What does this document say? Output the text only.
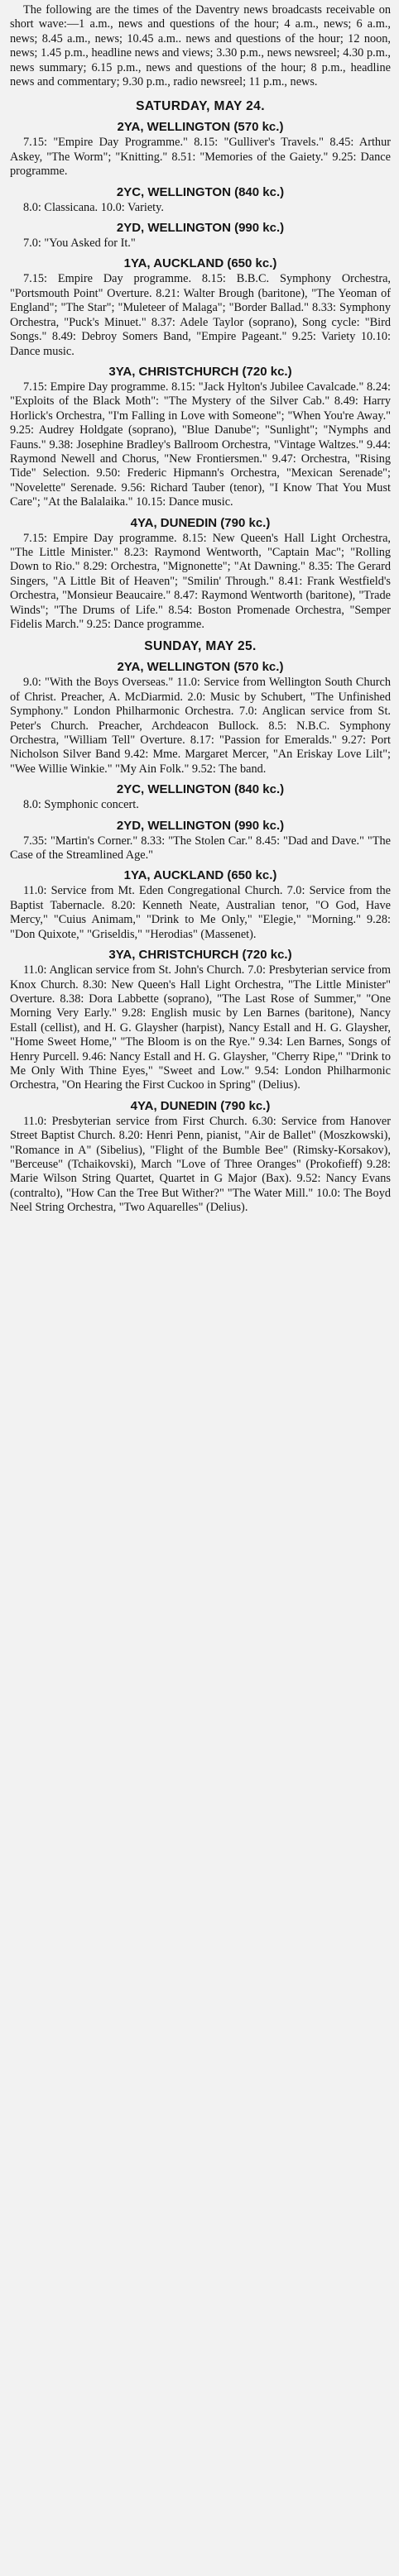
The following are the times of the Daventry news broadcasts receivable on short wave:—1 a.m., news and questions of the hour; 4 a.m., news; 6 a.m., news; 8.45 a.m., news; 10.45 a.m.. news and questions of the hour; 12 noon, news; 1.45 p.m., headline news and views; 3.30 p.m., news newsreel; 4.30 p.m., news summary; 6.15 p.m., news and questions of the hour; 8 p.m., headline news and commentary; 9.30 p.m., radio newsreel; 11 p.m., news.

SATURDAY, MAY 24.
2YA, WELLINGTON (570 kc.)

7.15: "Empire Day Programme." 8.15: "Gulliver's Travels." 8.45: Arthur Askey, "The Worm"; "Knitting." 8.51: "Memories of the Gaiety." 9.25: Dance programme.

2YC, WELLINGTON (840 kc.)

8.0: Classicana. 10.0: Variety.

2YD, WELLINGTON (990 kc.)

7.0: "You Asked for It."

1YA, AUCKLAND (650 kc.)

7.15: Empire Day programme. 8.15: B.B.C. Symphony Orchestra, "Portsmouth Point" Overture. 8.21: Walter Brough (baritone), "The Yeoman of England"; "The Star"; "Muleteer of Malaga"; "Border Ballad." 8.33: Symphony Orchestra, "Puck's Minuet." 8.37: Adele Taylor (soprano), Song cycle: "Bird Songs." 8.49: Debroy Somers Band, "Empire Pageant." 9.25: Variety 10.10: Dance music.

3YA, CHRISTCHURCH (720 kc.)

7.15: Empire Day programme. 8.15: "Jack Hylton's Jubilee Cavalcade." 8.24: "Exploits of the Black Moth": "The Mystery of the Silver Cab." 8.49: Harry Horlick's Orchestra, "I'm Falling in Love with Someone"; "When You're Away." 9.25: Audrey Holdgate (soprano), "Blue Danube"; "Sunlight"; "Nymphs and Fauns." 9.38: Josephine Bradley's Ballroom Orchestra, "Vintage Waltzes." 9.44: Raymond Newell and Chorus, "New Frontiersmen." 9.47: Orchestra, "Rising Tide" Selection. 9.50: Frederic Hipmann's Orchestra, "Mexican Serenade"; "Novelette" Serenade. 9.56: Richard Tauber (tenor), "I Know That You Must Care"; "At the Balalaika." 10.15: Dance music.

4YA, DUNEDIN (790 kc.)

7.15: Empire Day programme. 8.15: New Queen's Hall Light Orchestra, "The Little Minister." 8.23: Raymond Wentworth, "Captain Mac"; "Rolling Down to Rio." 8.29: Orchestra, "Mignonette"; "At Dawning." 8.35: The Gerard Singers, "A Little Bit of Heaven"; "Smilin' Through." 8.41: Frank Westfield's Orchestra, "Monsieur Beaucaire." 8.47: Raymond Wentworth (baritone), "Trade Winds"; "The Drums of Life." 8.54: Boston Promenade Orchestra, "Semper Fidelis March." 9.25: Dance programme.

SUNDAY, MAY 25.
2YA, WELLINGTON (570 kc.)

9.0: "With the Boys Overseas." 11.0: Service from Wellington South Church of Christ. Preacher, A. McDiarmid. 2.0: Music by Schubert, "The Unfinished Symphony." London Philharmonic Orchestra. 7.0: Anglican service from St. Peter's Church. Preacher, Archdeacon Bullock. 8.5: N.B.C. Symphony Orchestra, "William Tell" Overture. 8.17: "Passion for Emeralds." 9.27: Port Nicholson Silver Band 9.42: Mme. Margaret Mercer, "An Eriskay Love Lilt"; "Wee Willie Winkie." "My Ain Folk." 9.52: The band.

2YC, WELLINGTON (840 kc.)

8.0: Symphonic concert.

2YD, WELLINGTON (990 kc.)

7.35: "Martin's Corner." 8.33: "The Stolen Car." 8.45: "Dad and Dave." "The Case of the Streamlined Age."

1YA, AUCKLAND (650 kc.)

11.0: Service from Mt. Eden Congregational Church. 7.0: Service from the Baptist Tabernacle. 8.20: Kenneth Neate, Australian tenor, "O God, Have Mercy," "Cuius Animam," "Drink to Me Only," "Elegie," "Morning." 9.28: "Don Quixote," "Griseldis," "Herodias" (Massenet).

3YA, CHRISTCHURCH (720 kc.)

11.0: Anglican service from St. John's Church. 7.0: Presbyterian service from Knox Church. 8.30: New Queen's Hall Light Orchestra, "The Little Minister" Overture. 8.38: Dora Labbette (soprano), "The Last Rose of Summer," "One Morning Very Early." 9.28: English music by Len Barnes (baritone), Nancy Estall (cellist), and H. G. Glaysher (harpist), Nancy Estall and H. G. Glaysher, "Home Sweet Home," "The Bloom is on the Rye." 9.34: Len Barnes, Songs of Henry Purcell. 9.46: Nancy Estall and H. G. Glaysher, "Cherry Ripe," "Drink to Me Only With Thine Eyes," "Sweet and Low." 9.54: London Philharmonic Orchestra, "On Hearing the First Cuckoo in Spring" (Delius).

4YA, DUNEDIN (790 kc.)

11.0: Presbyterian service from First Church. 6.30: Service from Hanover Street Baptist Church. 8.20: Henri Penn, pianist, "Air de Ballet" (Moszkowski), "Romance in A" (Sibelius), "Flight of the Bumble Bee" (Rimsky-Korsakov), "Berceuse" (Tchaikovski), March "Love of Three Oranges" (Prokofieff) 9.28: Marie Wilson String Quartet, Quartet in G Major (Bax). 9.52: Nancy Evans (contralto), "How Can the Tree But Wither?" "The Water Mill." 10.0: The Boyd Neel String Orchestra, "Two Aquarelles" (Delius).
